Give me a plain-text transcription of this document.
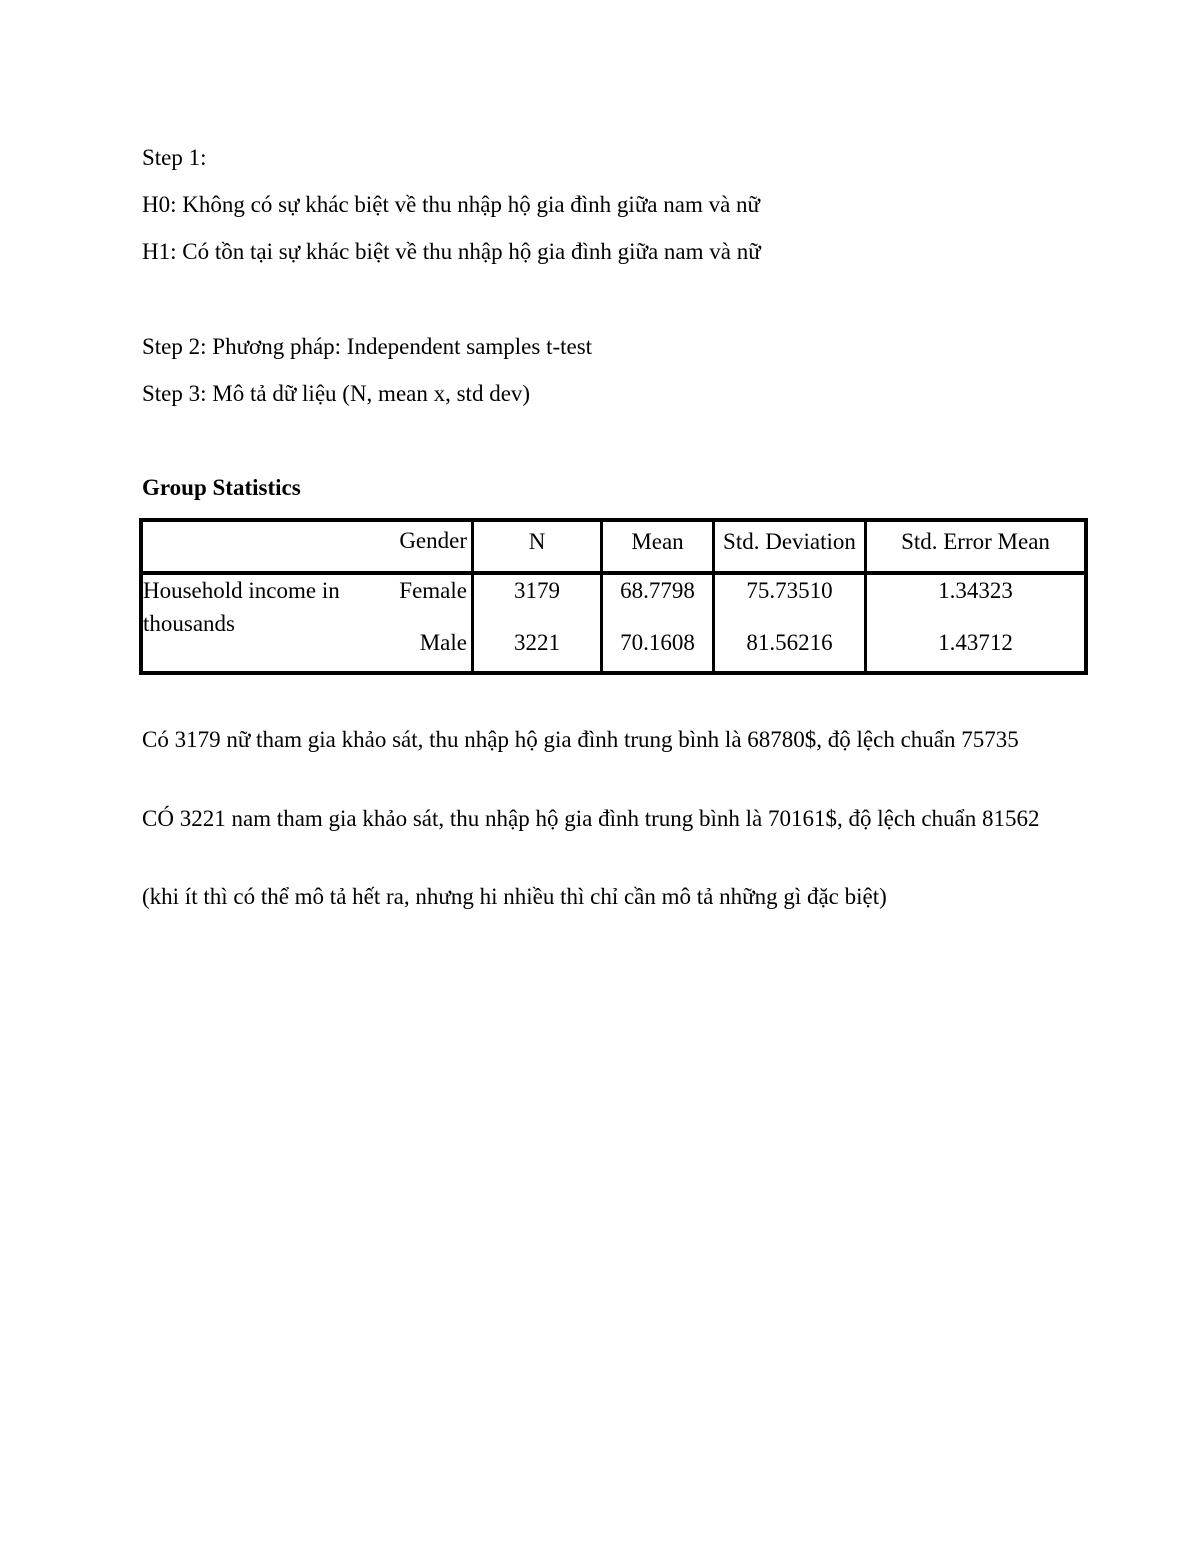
Step 1:
H0: Không có sự khác biệt về thu nhập hộ gia đình giữa nam và nữ
H1: Có tồn tại sự khác biệt về thu nhập hộ gia đình giữa nam và nữ
Step 2: Phương pháp: Independent samples t-test
Step 3: Mô tả dữ liệu (N, mean x, std dev)
Group Statistics
Gender	N	Mean	Std. Deviation	Std. Error Mean
Household income in
thousands
Female	3179	68.7798	75.73510	1.34323
Male	3221	70.1608	81.56216	1.43712
Có 3179 nữ tham gia khảo sát, thu nhập hộ gia đình trung bình là 68780$, độ lệch chuẩn 75735
CÓ 3221 nam tham gia khảo sát, thu nhập hộ gia đình trung bình là 70161$, độ lệch chuẩn 81562
(khi ít thì có thể mô tả hết ra, nhưng hi nhiều thì chỉ cần mô tả những gì đặc biệt)
